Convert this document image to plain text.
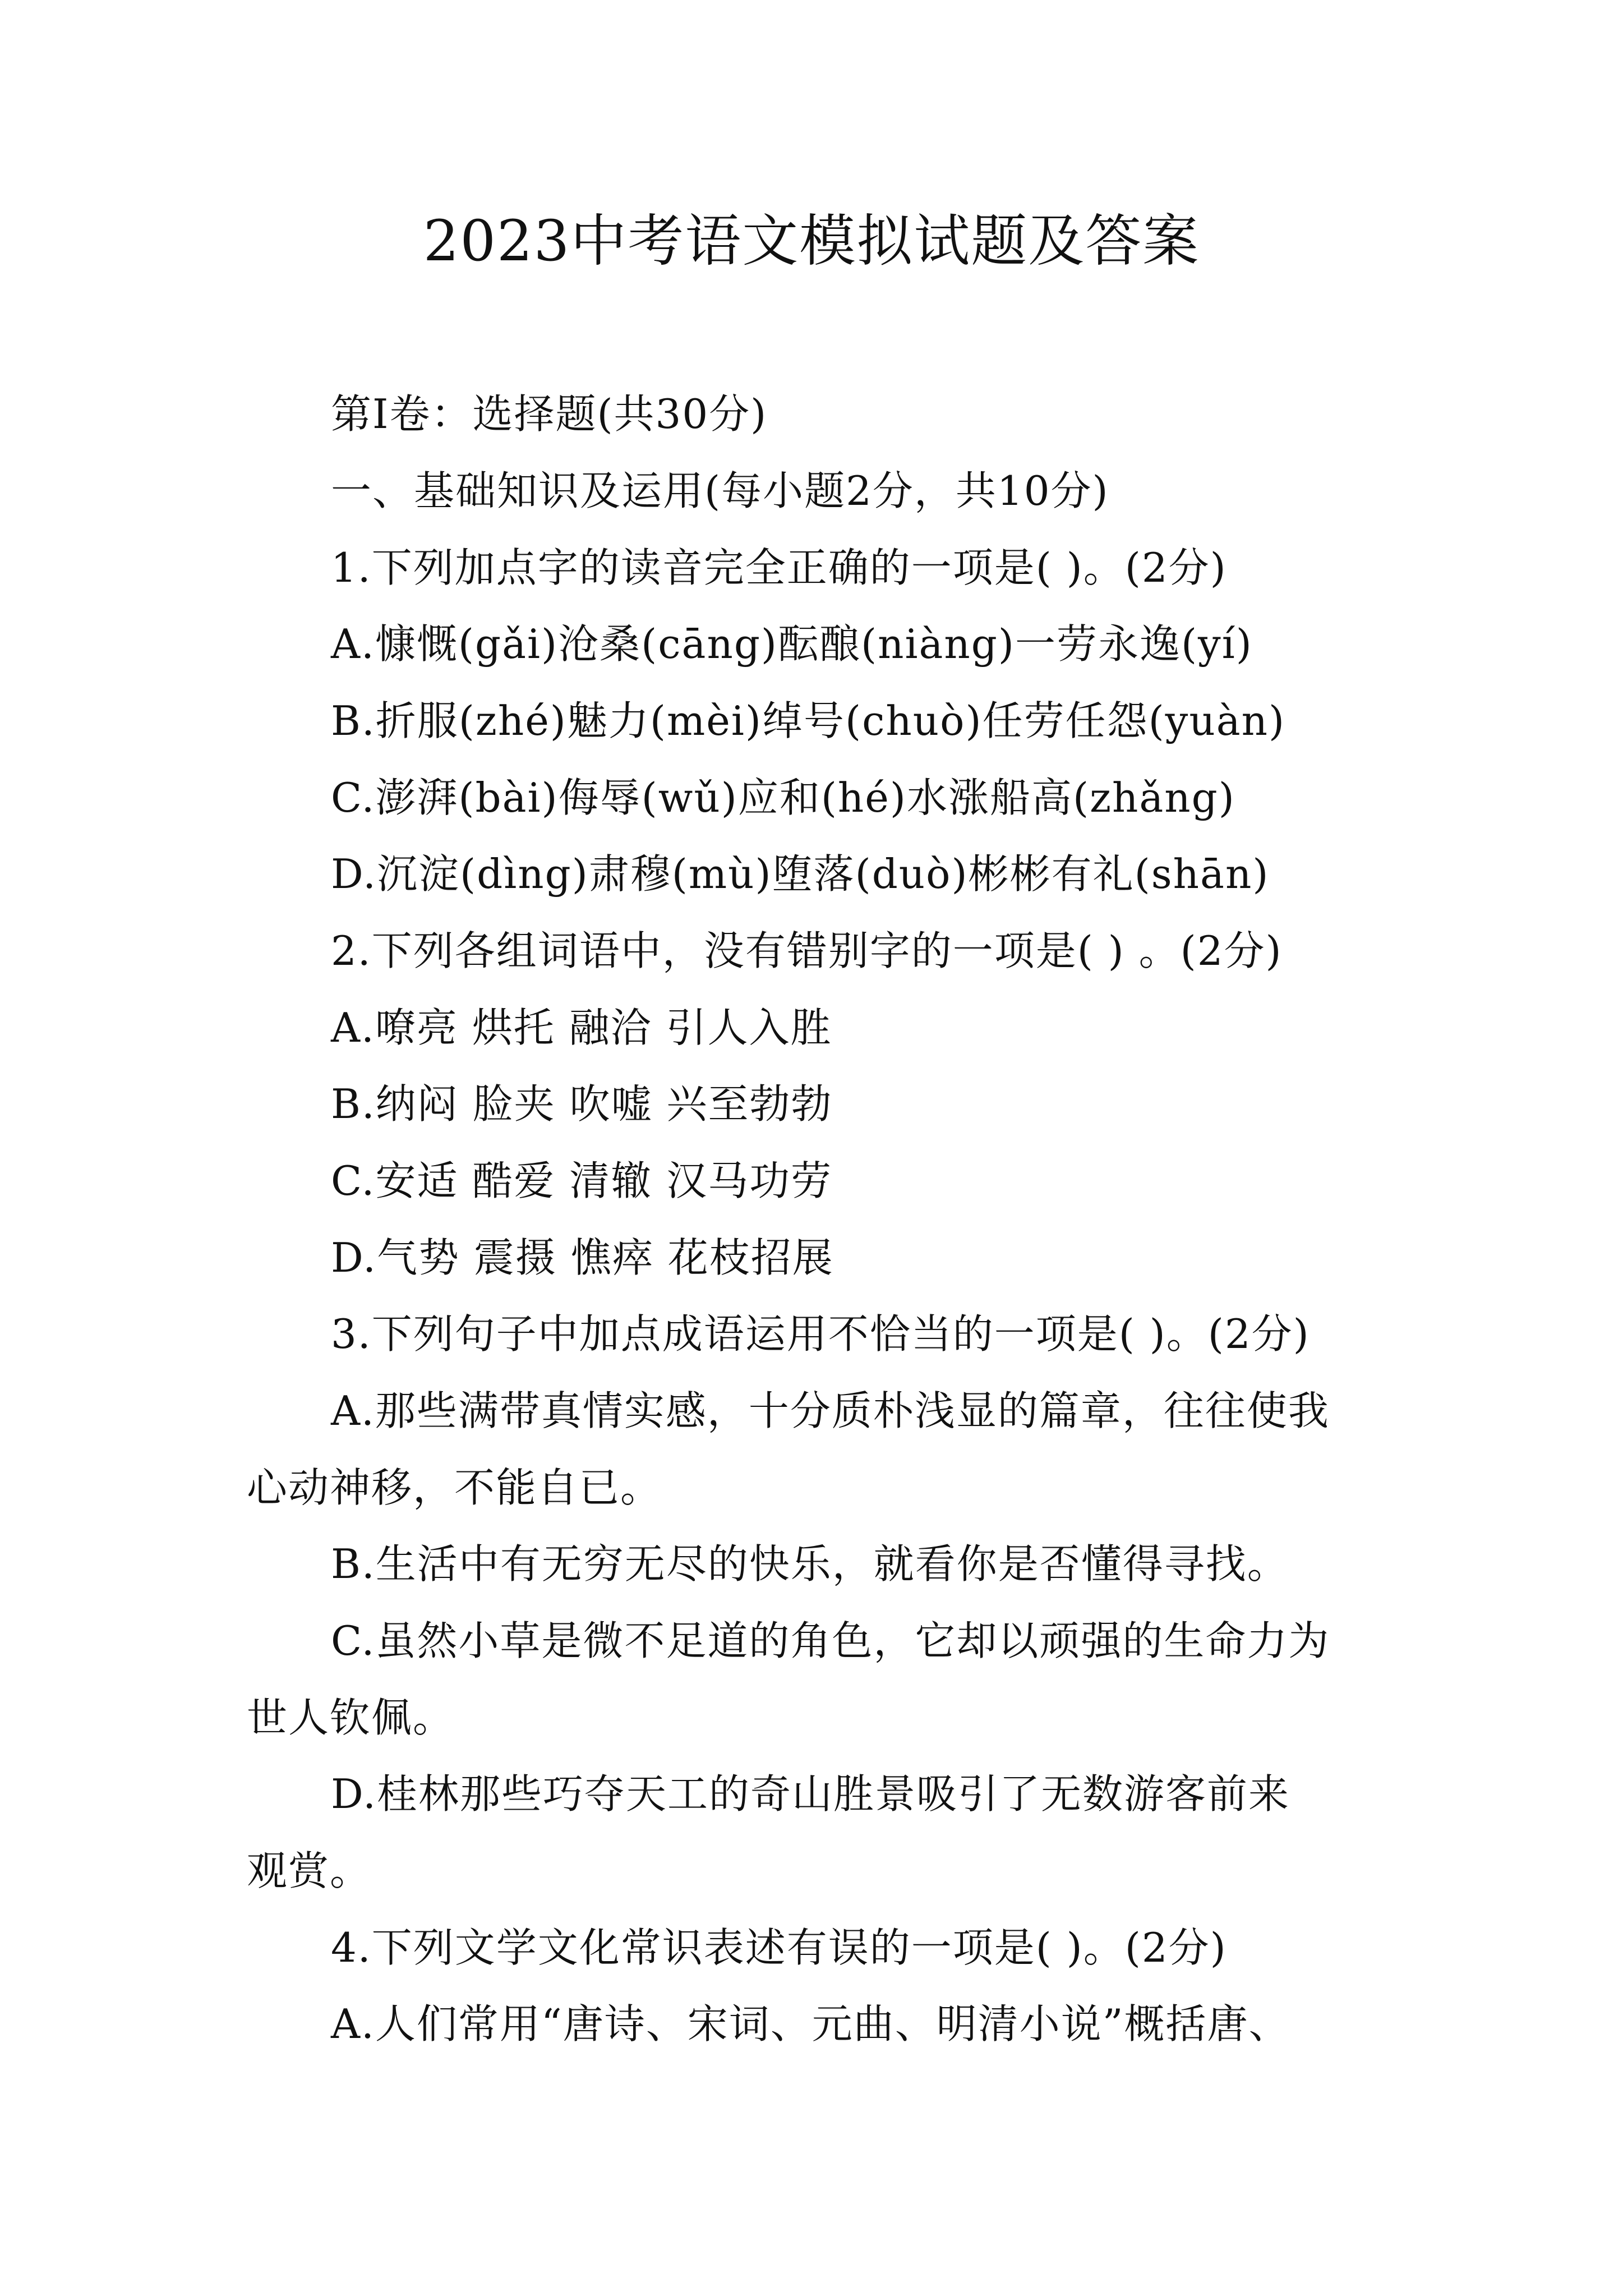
2023中考语文模拟试题及答案
第Ⅰ卷：选择题(共30分)
一、基础知识及运用(每小题2分，共10分)
1.下列加点字的读音完全正确的一项是( )。(2分)
A.慷慨(gǎi)沧桑(cāng)酝酿(niàng)一劳永逸(yí)
B.折服(zhé)魅力(mèi)绰号(chuò)任劳任怨(yuàn)
C.澎湃(bài)侮辱(wǔ)应和(hé)水涨船高(zhǎng)
D.沉淀(dìng)肃穆(mù)堕落(duò)彬彬有礼(shān)
2.下列各组词语中，没有错别字的一项是( ) 。(2分)
A.嘹亮 烘托 融洽 引人入胜
B.纳闷 脸夹 吹嘘 兴至勃勃
C.安适 酷爱 清辙 汉马功劳
D.气势 震摄 憔瘁 花枝招展
3.下列句子中加点成语运用不恰当的一项是( )。(2分)
A.那些满带真情实感，十分质朴浅显的篇章，往往使我
心动神移，不能自已。
B.生活中有无穷无尽的快乐，就看你是否懂得寻找。
C.虽然小草是微不足道的角色，它却以顽强的生命力为
世人钦佩。
D.桂林那些巧夺天工的奇山胜景吸引了无数游客前来
观赏。
4.下列文学文化常识表述有误的一项是( )。(2分)
A.人们常用“唐诗、宋词、元曲、明清小说”概括唐、
